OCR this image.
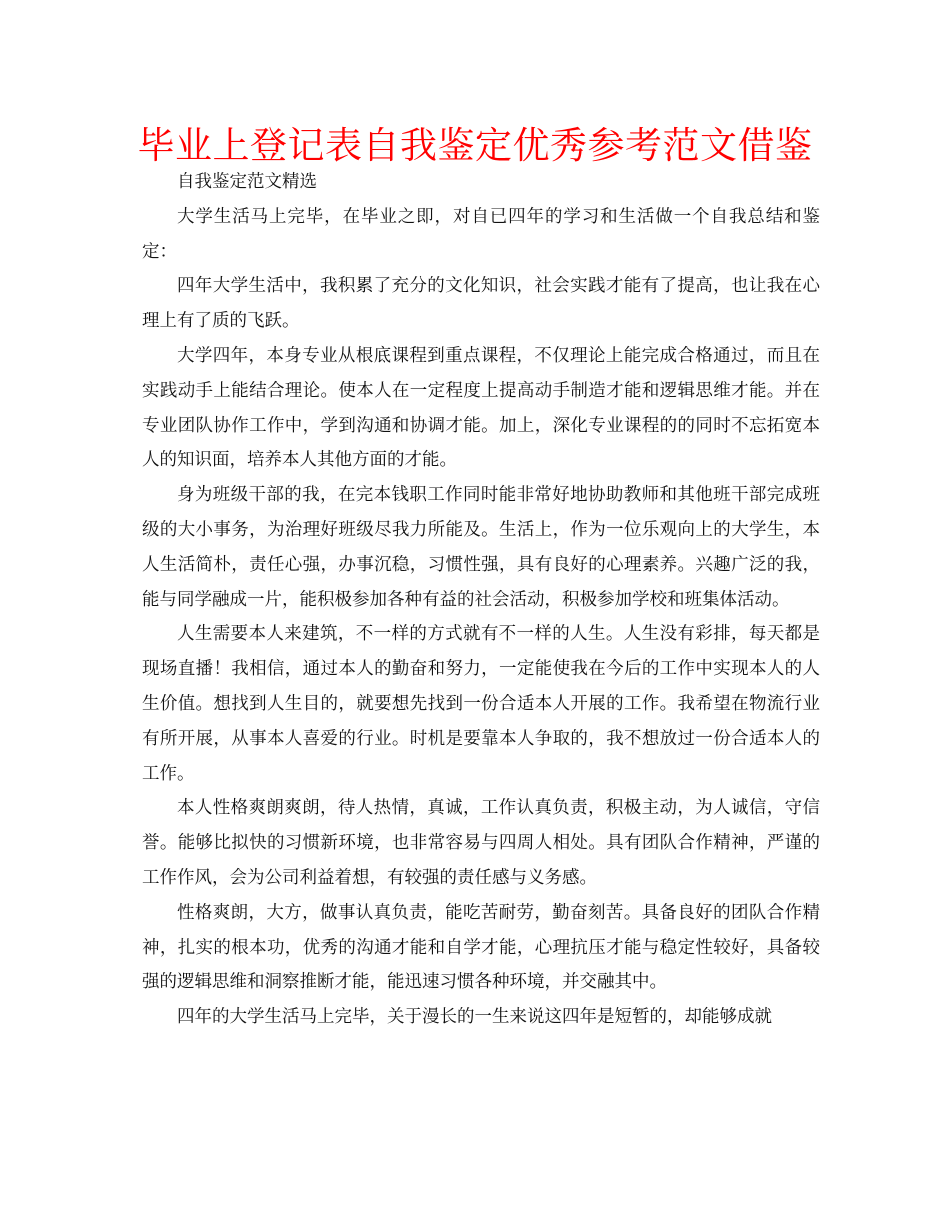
毕业上登记表自我鉴定优秀参考范文借鉴

自我鉴定范文精选

大学生活马上完毕，在毕业之即，对自已四年的学习和生活做一个自我总结和鉴定：

四年大学生活中，我积累了充分的文化知识，社会实践才能有了提高，也让我在心理上有了质的飞跃。

大学四年，本身专业从根底课程到重点课程，不仅理论上能完成合格通过，而且在实践动手上能结合理论。使本人在一定程度上提高动手制造才能和逻辑思维才能。并在专业团队协作工作中，学到沟通和协调才能。加上，深化专业课程的的同时不忘拓宽本人的知识面，培养本人其他方面的才能。

身为班级干部的我，在完本钱职工作同时能非常好地协助教师和其他班干部完成班级的大小事务，为治理好班级尽我力所能及。生活上，作为一位乐观向上的大学生，本人生活简朴，责任心强，办事沉稳，习惯性强，具有良好的心理素养。兴趣广泛的我，能与同学融成一片，能积极参加各种有益的社会活动，积极参加学校和班集体活动。

人生需要本人来建筑，不一样的方式就有不一样的人生。人生没有彩排，每天都是现场直播！我相信，通过本人的勤奋和努力，一定能使我在今后的工作中实现本人的人生价值。想找到人生目的，就要想先找到一份合适本人开展的工作。我希望在物流行业有所开展，从事本人喜爱的行业。时机是要靠本人争取的，我不想放过一份合适本人的工作。

本人性格爽朗爽朗，待人热情，真诚，工作认真负责，积极主动，为人诚信，守信誉。能够比拟快的习惯新环境，也非常容易与四周人相处。具有团队合作精神，严谨的工作作风，会为公司利益着想，有较强的责任感与义务感。

性格爽朗，大方，做事认真负责，能吃苦耐劳，勤奋刻苦。具备良好的团队合作精神，扎实的根本功，优秀的沟通才能和自学才能，心理抗压才能与稳定性较好，具备较强的逻辑思维和洞察推断才能，能迅速习惯各种环境，并交融其中。

四年的大学生活马上完毕，关于漫长的一生来说这四年是短暂的，却能够成就
